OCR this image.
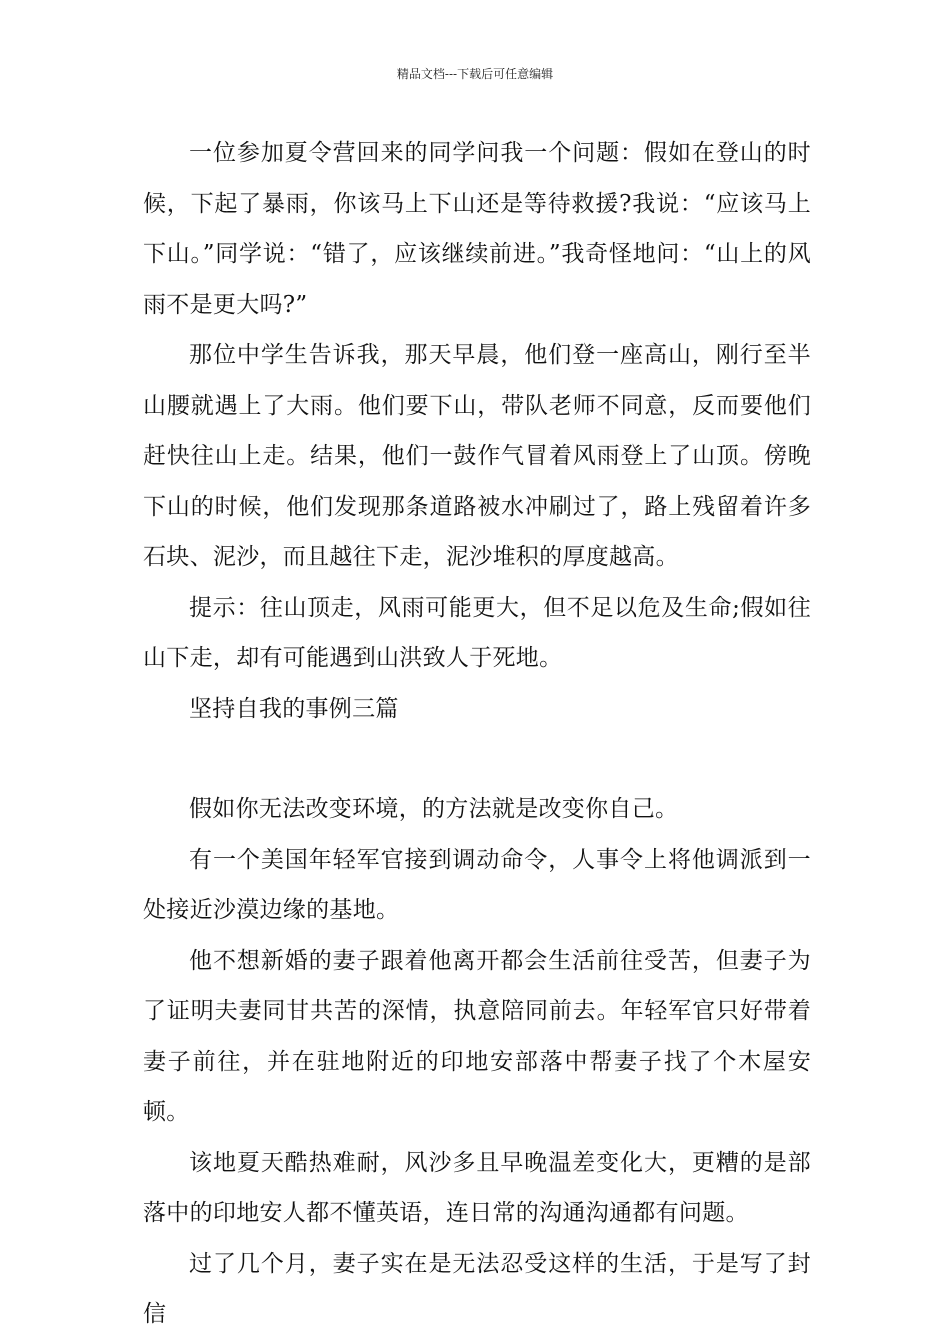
精品文档---下载后可任意编辑

一位参加夏令营回来的同学问我一个问题：假如在登山的时候，下起了暴雨，你该马上下山还是等待救援?我说：“应该马上下山。”同学说：“错了，应该继续前进。”我奇怪地问：“山上的风雨不是更大吗?”

那位中学生告诉我，那天早晨，他们登一座高山，刚行至半山腰就遇上了大雨。他们要下山，带队老师不同意，反而要他们赶快往山上走。结果，他们一鼓作气冒着风雨登上了山顶。傍晚下山的时候，他们发现那条道路被水冲刷过了，路上残留着许多石块、泥沙，而且越往下走，泥沙堆积的厚度越高。

提示：往山顶走，风雨可能更大，但不足以危及生命;假如往山下走，却有可能遇到山洪致人于死地。

坚持自我的事例三篇

假如你无法改变环境，的方法就是改变你自己。

有一个美国年轻军官接到调动命令，人事令上将他调派到一处接近沙漠边缘的基地。

他不想新婚的妻子跟着他离开都会生活前往受苦，但妻子为了证明夫妻同甘共苦的深情，执意陪同前去。年轻军官只好带着妻子前往，并在驻地附近的印地安部落中帮妻子找了个木屋安顿。

该地夏天酷热难耐，风沙多且早晚温差变化大，更糟的是部落中的印地安人都不懂英语，连日常的沟通沟通都有问题。

过了几个月，妻子实在是无法忍受这样的生活，于是写了封信
